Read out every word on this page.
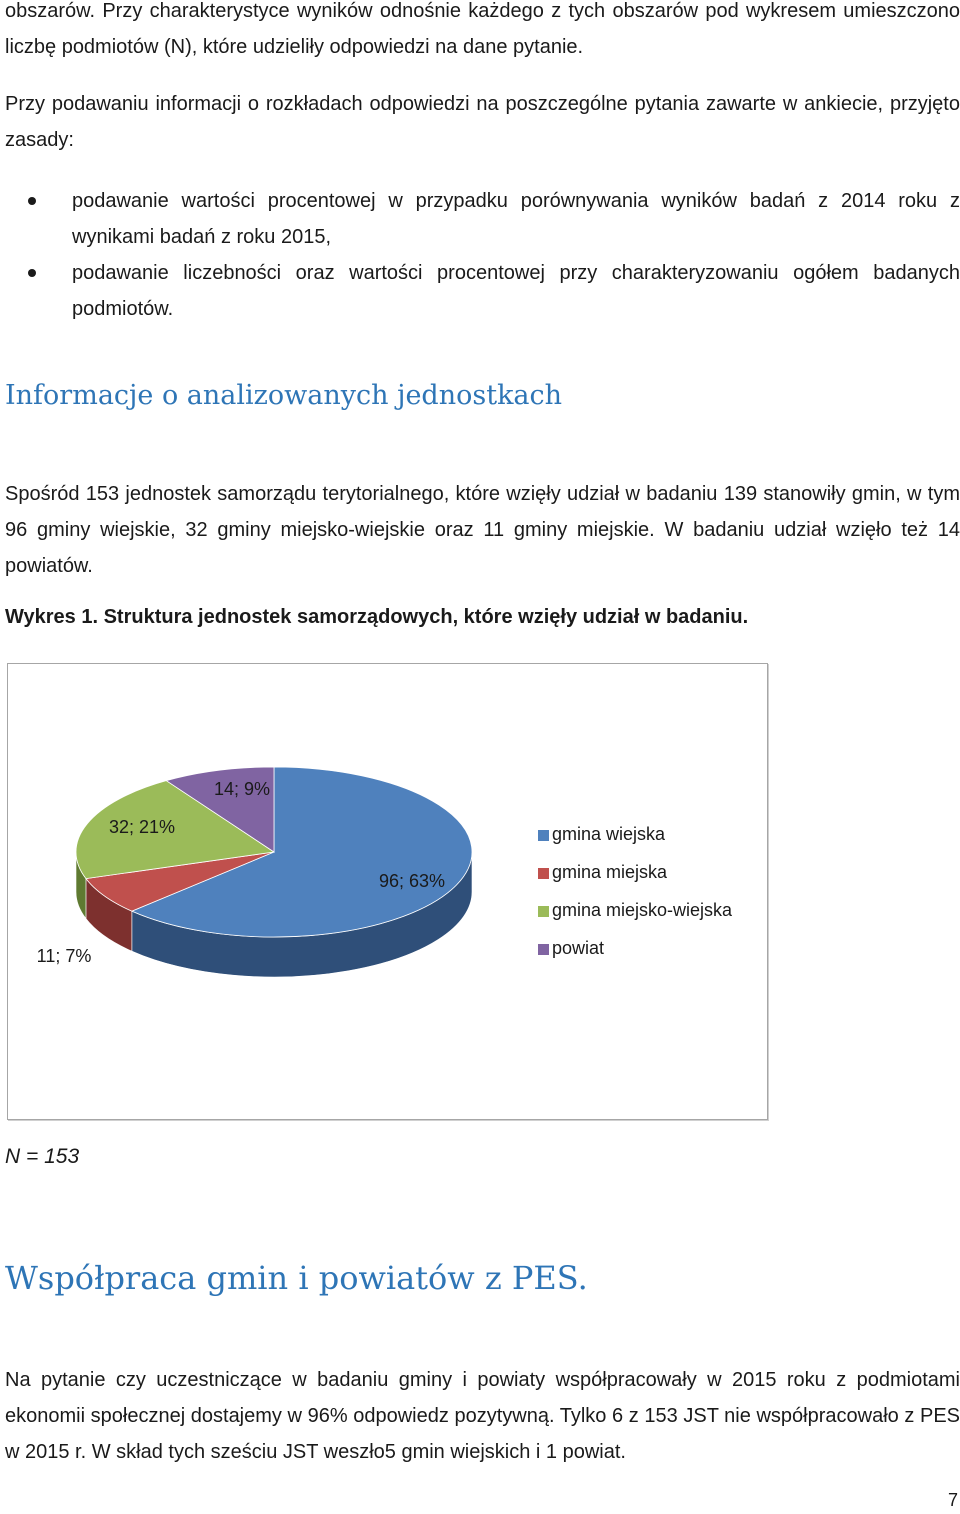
obszarów. Przy charakterystyce wyników odnośnie każdego z tych obszarów pod wykresem umieszczono liczbę podmiotów (N), które udzieliły odpowiedzi na dane pytanie.
Przy podawaniu informacji o rozkładach odpowiedzi na poszczególne pytania zawarte w ankiecie, przyjęto zasady:
podawanie wartości procentowej w przypadku porównywania wyników badań z 2014 roku z wynikami badań z roku 2015,
podawanie liczebności oraz wartości procentowej przy charakteryzowaniu ogółem badanych podmiotów.
Informacje o analizowanych jednostkach
Spośród 153 jednostek samorządu terytorialnego, które wzięły udział w badaniu 139 stanowiły gmin, w tym 96 gminy wiejskie, 32 gminy miejsko-wiejskie oraz 11 gminy miejskie. W badaniu udział wzięło też 14 powiatów.
Wykres 1. Struktura jednostek samorządowych, które wzięły udział w badaniu.
96; 63%
11; 7%
32; 21%
14; 9%
gmina wiejska
gmina miejska
gmina miejsko-wiejska
powiat
N = 153
Współpraca gmin i powiatów z PES.
Na pytanie czy uczestniczące w badaniu gminy i powiaty współpracowały w 2015 roku z podmiotami ekonomii społecznej dostajemy w 96% odpowiedz pozytywną. Tylko 6 z 153 JST nie współpracowało z PES w 2015 r. W skład tych sześciu JST weszło5 gmin wiejskich i 1 powiat.
7
